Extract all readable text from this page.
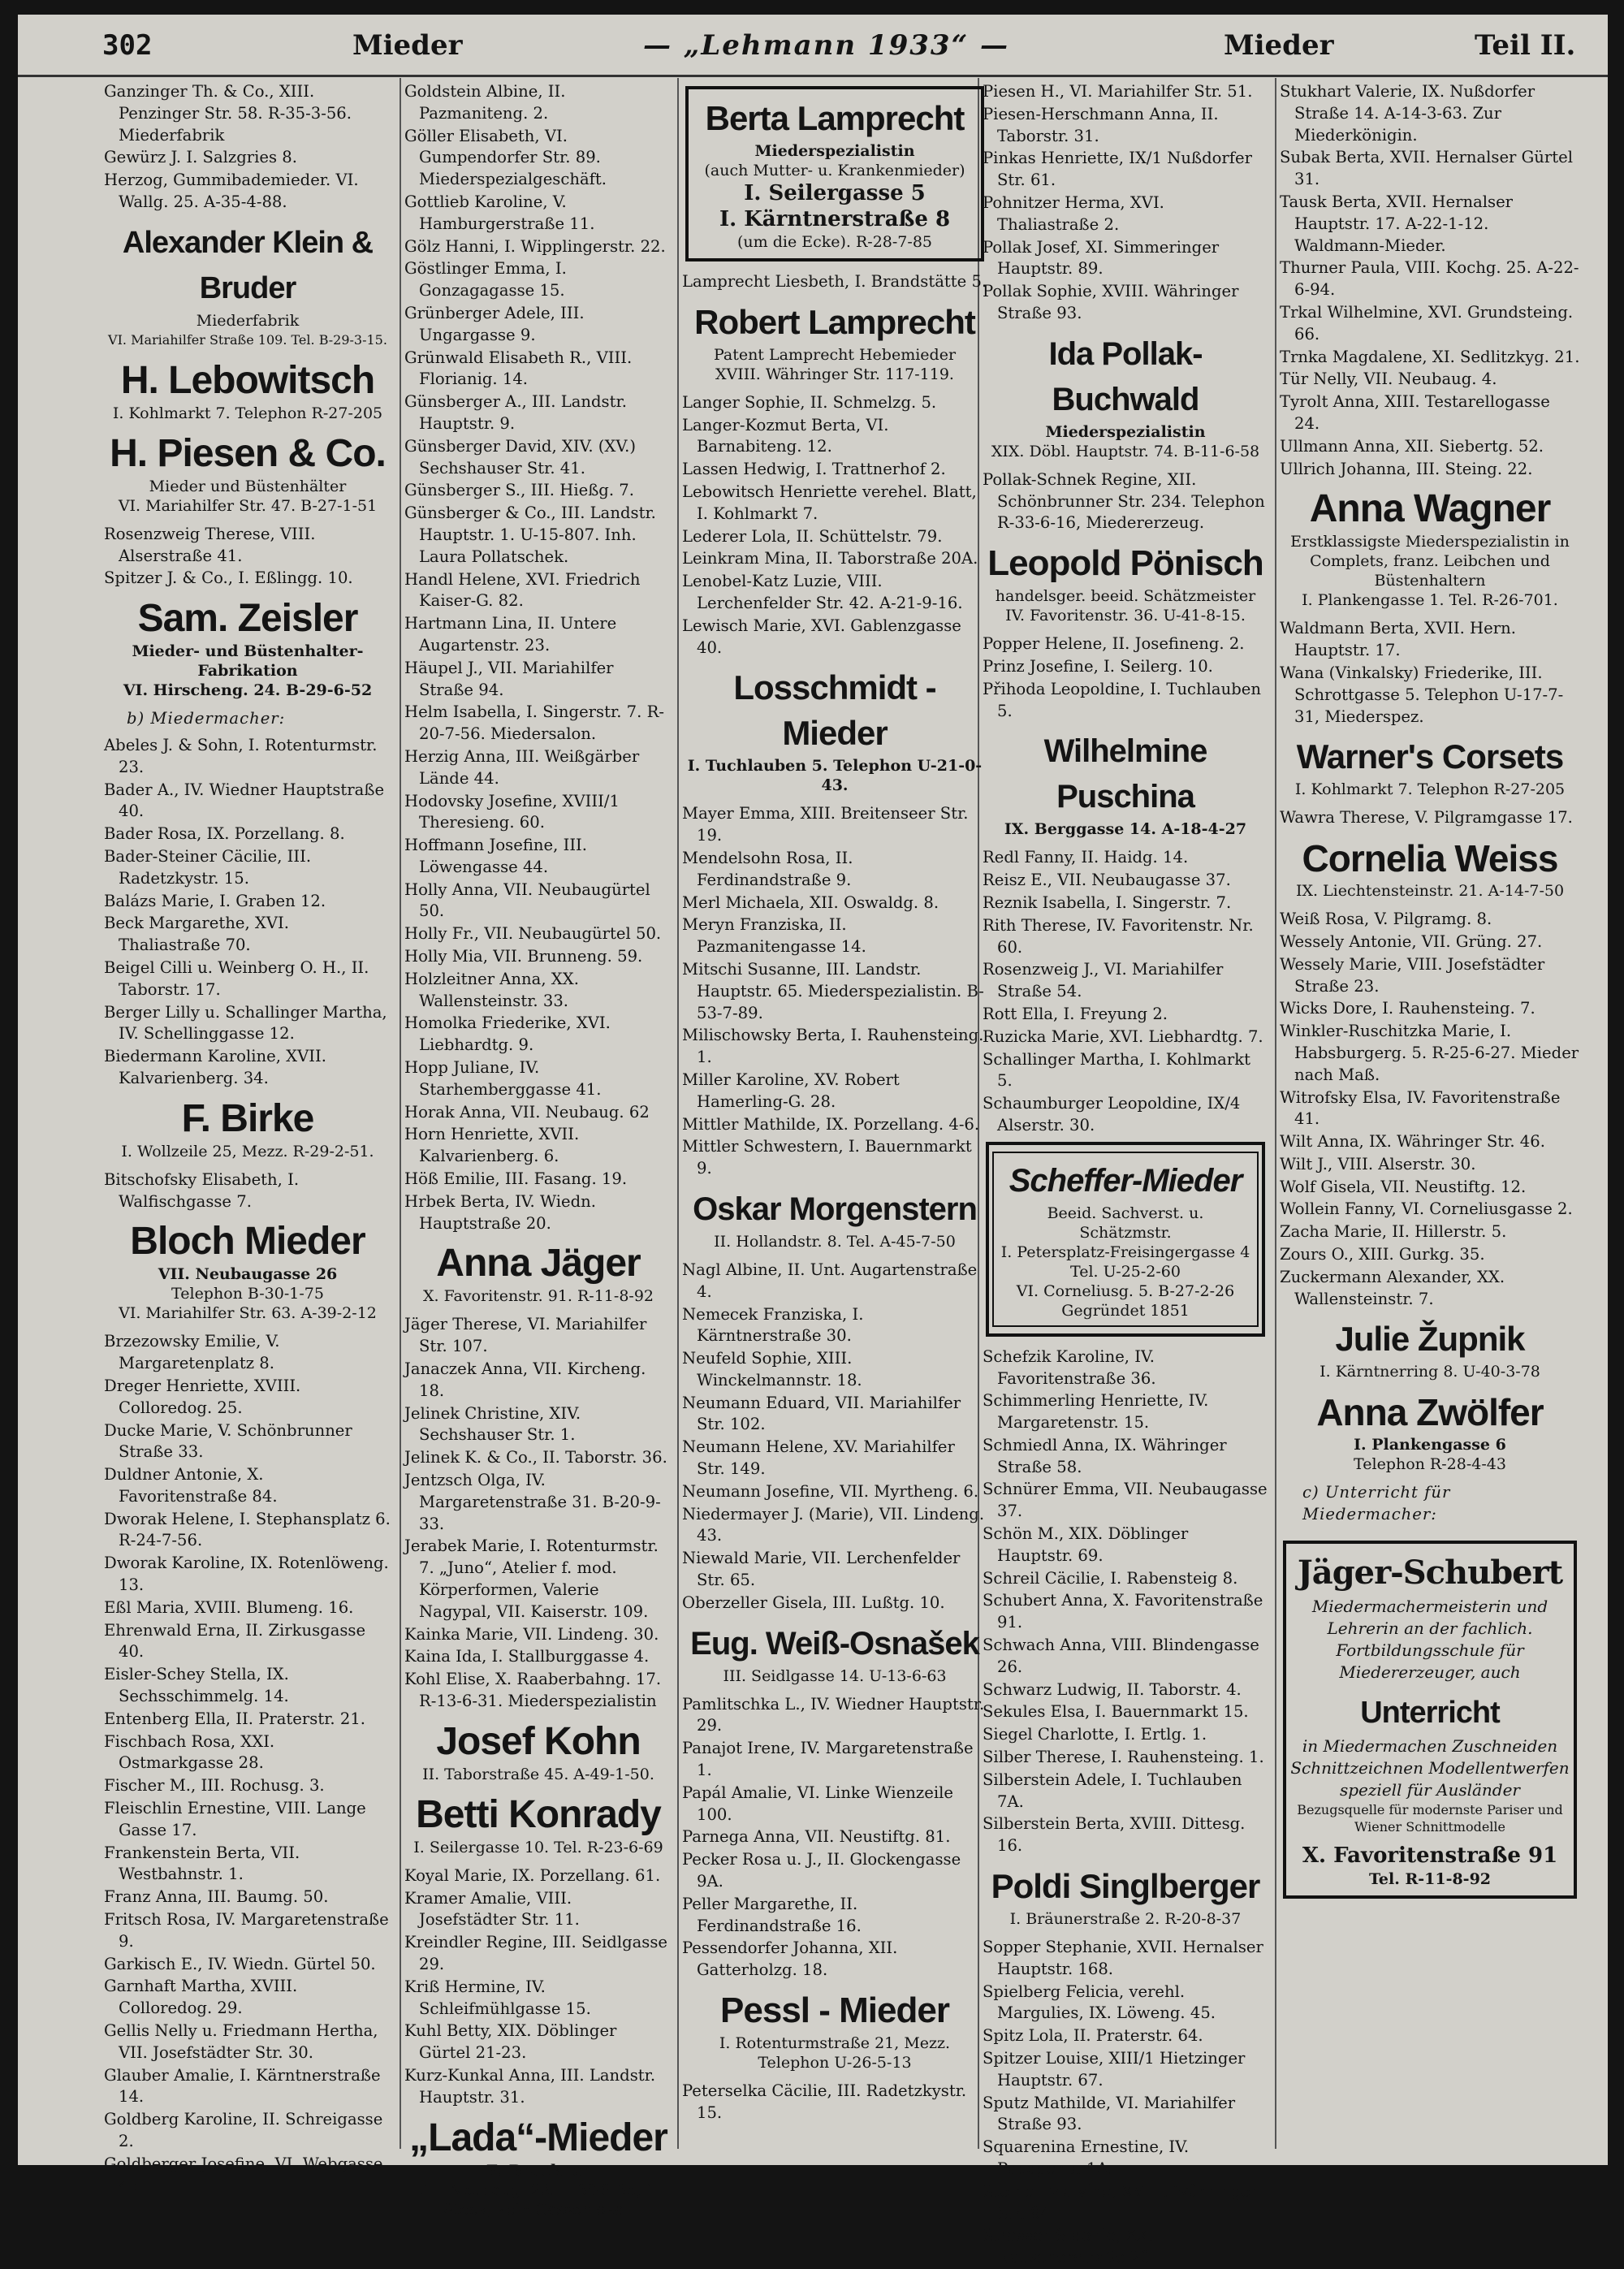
302	Mieder	— „Lehmann 1933“ —	Mieder	Teil II.
Ganzinger Th. & Co., XIII. Penzinger Str. 58. R-35-3-56. Miederfabrik
Gewürz J. I. Salzgries 8.
Herzog, Gummibademieder. VI. Wallg. 25. A-35-4-88.
Alexander Klein & Bruder
Miederfabrik
VI. Mariahilfer Straße 109. Tel. B-29-3-15.
H. Lebowitsch
I. Kohlmarkt 7. Telephon R-27-205
H. Piesen & Co.
Mieder und Büstenhälter
VI. Mariahilfer Str. 47. B-27-1-51
Rosenzweig Therese, VIII. Alserstraße 41.
Spitzer J. & Co., I. Eßlingg. 10.
Sam. Zeisler
Mieder- und Büstenhalter-Fabrikation
VI. Hirscheng. 24. B-29-6-52
b) Miedermacher:
Abeles J. & Sohn, I. Rotenturmstr. 23.
Bader A., IV. Wiedner Hauptstraße 40.
Bader Rosa, IX. Porzellang. 8.
Bader-Steiner Cäcilie, III. Radetzkystr. 15.
Balázs Marie, I. Graben 12.
Beck Margarethe, XVI. Thaliastraße 70.
Beigel Cilli u. Weinberg O. H., II. Taborstr. 17.
Berger Lilly u. Schallinger Martha, IV. Schellinggasse 12.
Biedermann Karoline, XVII. Kalvarienberg. 34.
F. Birke
I. Wollzeile 25, Mezz. R-29-2-51.
Bitschofsky Elisabeth, I. Walfischgasse 7.
Bloch Mieder
VII. Neubaugasse 26
Telephon B-30-1-75
VI. Mariahilfer Str. 63. A-39-2-12
Brzezowsky Emilie, V. Margaretenplatz 8.
Dreger Henriette, XVIII. Colloredog. 25.
Ducke Marie, V. Schönbrunner Straße 33.
Duldner Antonie, X. Favoritenstraße 84.
Dworak Helene, I. Stephansplatz 6. R-24-7-56.
Dworak Karoline, IX. Rotenlöweng. 13.
Eßl Maria, XVIII. Blumeng. 16.
Ehrenwald Erna, II. Zirkusgasse 40.
Eisler-Schey Stella, IX. Sechsschimmelg. 14.
Entenberg Ella, II. Praterstr. 21.
Fischbach Rosa, XXI. Ostmarkgasse 28.
Fischer M., III. Rochusg. 3.
Fleischlin Ernestine, VIII. Lange Gasse 17.
Frankenstein Berta, VII. Westbahnstr. 1.
Franz Anna, III. Baumg. 50.
Fritsch Rosa, IV. Margaretenstraße 9.
Garkisch E., IV. Wiedn. Gürtel 50.
Garnhaft Martha, XVIII. Colloredog. 29.
Gellis Nelly u. Friedmann Hertha, VII. Josefstädter Str. 30.
Glauber Amalie, I. Kärntnerstraße 14.
Goldberg Karoline, II. Schreigasse 2.
Goldberger Josefine, VI. Webgasse 45.
Goldstein Albine, II. Pazmaniteng. 2.
Göller Elisabeth, VI. Gumpendorfer Str. 89. Miederspezialgeschäft.
Gottlieb Karoline, V. Hamburgerstraße 11.
Gölz Hanni, I. Wipplingerstr. 22.
Göstlinger Emma, I. Gonzagagasse 15.
Grünberger Adele, III. Ungargasse 9.
Grünwald Elisabeth R., VIII. Florianig. 14.
Günsberger A., III. Landstr. Hauptstr. 9.
Günsberger David, XIV. (XV.) Sechshauser Str. 41.
Günsberger S., III. Hießg. 7.
Günsberger & Co., III. Landstr. Hauptstr. 1. U-15-807. Inh. Laura Pollatschek.
Handl Helene, XVI. Friedrich Kaiser-G. 82.
Hartmann Lina, II. Untere Augartenstr. 23.
Häupel J., VII. Mariahilfer Straße 94.
Helm Isabella, I. Singerstr. 7. R-20-7-56. Miedersalon.
Herzig Anna, III. Weißgärber Lände 44.
Hodovsky Josefine, XVIII/1 Theresieng. 60.
Hoffmann Josefine, III. Löwengasse 44.
Holly Anna, VII. Neubaugürtel 50.
Holly Fr., VII. Neubaugürtel 50.
Holly Mia, VII. Brunneng. 59.
Holzleitner Anna, XX. Wallensteinstr. 33.
Homolka Friederike, XVI. Liebhardtg. 9.
Hopp Juliane, IV. Starhemberggasse 41.
Horak Anna, VII. Neubaug. 62
Horn Henriette, XVII. Kalvarienberg. 6.
Höß Emilie, III. Fasang. 19.
Hrbek Berta, IV. Wiedn. Hauptstraße 20.
Anna Jäger
X. Favoritenstr. 91. R-11-8-92
Jäger Therese, VI. Mariahilfer Str. 107.
Janaczek Anna, VII. Kircheng. 18.
Jelinek Christine, XIV. Sechshauser Str. 1.
Jelinek K. & Co., II. Taborstr. 36.
Jentzsch Olga, IV. Margaretenstraße 31. B-20-9-33.
Jerabek Marie, I. Rotenturmstr. 7. „Juno“, Atelier f. mod. Körperformen, Valerie Nagypal, VII. Kaiserstr. 109.
Kainka Marie, VII. Lindeng. 30.
Kaina Ida, I. Stallburggasse 4.
Kohl Elise, X. Raaberbahng. 17. R-13-6-31. Miederspezialistin
Josef Kohn
II. Taborstraße 45. A-49-1-50.
Betti Konrady
I. Seilergasse 10. Tel. R-23-6-69
Koyal Marie, IX. Porzellang. 61.
Kramer Amalie, VIII. Josefstädter Str. 11.
Kreindler Regine, III. Seidlgasse 29.
Kriß Hermine, IV. Schleifmühlgasse 15.
Kuhl Betty, XIX. Döblinger Gürtel 21-23.
Kurz-Kunkal Anna, III. Landstr. Hauptstr. 31.
„Lada“-Mieder
E. Bruckner
VII. Neubaug. 28. B-30-8-35, 1. Stock, kein Gassenlokal.
Berta Lamprecht
Miederspezialistin
(auch Mutter- u. Krankenmieder)
I. Seilergasse 5
I. Kärntnerstraße 8
(um die Ecke). R-28-7-85
Lamprecht Liesbeth, I. Brandstätte 5.
Robert Lamprecht
Patent Lamprecht Hebemieder
XVIII. Währinger Str. 117-119.
Langer Sophie, II. Schmelzg. 5.
Langer-Kozmut Berta, VI. Barnabiteng. 12.
Lassen Hedwig, I. Trattnerhof 2.
Lebowitsch Henriette verehel. Blatt, I. Kohlmarkt 7.
Lederer Lola, II. Schüttelstr. 79.
Leinkram Mina, II. Taborstraße 20A.
Lenobel-Katz Luzie, VIII. Lerchenfelder Str. 42. A-21-9-16.
Lewisch Marie, XVI. Gablenzgasse 40.
Losschmidt - Mieder
I. Tuchlauben 5. Telephon U-21-0-43.
Mayer Emma, XIII. Breitenseer Str. 19.
Mendelsohn Rosa, II. Ferdinandstraße 9.
Merl Michaela, XII. Oswaldg. 8.
Meryn Franziska, II. Pazmanitengasse 14.
Mitschi Susanne, III. Landstr. Hauptstr. 65. Miederspezialistin. B-53-7-89.
Milischowsky Berta, I. Rauhensteing. 1.
Miller Karoline, XV. Robert Hamerling-G. 28.
Mittler Mathilde, IX. Porzellang. 4-6.
Mittler Schwestern, I. Bauernmarkt 9.
Oskar Morgenstern
II. Hollandstr. 8. Tel. A-45-7-50
Nagl Albine, II. Unt. Augartenstraße 4.
Nemecek Franziska, I. Kärntnerstraße 30.
Neufeld Sophie, XIII. Winckelmannstr. 18.
Neumann Eduard, VII. Mariahilfer Str. 102.
Neumann Helene, XV. Mariahilfer Str. 149.
Neumann Josefine, VII. Myrtheng. 6.
Niedermayer J. (Marie), VII. Lindeng. 43.
Niewald Marie, VII. Lerchenfelder Str. 65.
Oberzeller Gisela, III. Lußtg. 10.
Eug. Weiß-Osnašek
III. Seidlgasse 14. U-13-6-63
Pamlitschka L., IV. Wiedner Hauptstr. 29.
Panajot Irene, IV. Margaretenstraße 1.
Papál Amalie, VI. Linke Wienzeile 100.
Parnega Anna, VII. Neustiftg. 81.
Pecker Rosa u. J., II. Glockengasse 9A.
Peller Margarethe, II. Ferdinandstraße 16.
Pessendorfer Johanna, XII. Gatterholzg. 18.
Pessl - Mieder
I. Rotenturmstraße 21, Mezz.
Telephon U-26-5-13
Peterselka Cäcilie, III. Radetzkystr. 15.
Piesen H., VI. Mariahilfer Str. 51.
Piesen-Herschmann Anna, II. Taborstr. 31.
Pinkas Henriette, IX/1 Nußdorfer Str. 61.
Pohnitzer Herma, XVI. Thaliastraße 2.
Pollak Josef, XI. Simmeringer Hauptstr. 89.
Pollak Sophie, XVIII. Währinger Straße 93.
Ida Pollak-Buchwald
Miederspezialistin
XIX. Döbl. Hauptstr. 74. B-11-6-58
Pollak-Schnek Regine, XII. Schönbrunner Str. 234. Telephon R-33-6-16, Miedererzeug.
Leopold Pönisch
handelsger. beeid. Schätzmeister
IV. Favoritenstr. 36. U-41-8-15.
Popper Helene, II. Josefineng. 2.
Prinz Josefine, I. Seilerg. 10.
Přihoda Leopoldine, I. Tuchlauben 5.
Wilhelmine Puschina
IX. Berggasse 14. A-18-4-27
Redl Fanny, II. Haidg. 14.
Reisz E., VII. Neubaugasse 37.
Reznik Isabella, I. Singerstr. 7.
Rith Therese, IV. Favoritenstr. Nr. 60.
Rosenzweig J., VI. Mariahilfer Straße 54.
Rott Ella, I. Freyung 2.
Ruzicka Marie, XVI. Liebhardtg. 7.
Schallinger Martha, I. Kohlmarkt 5.
Schaumburger Leopoldine, IX/4 Alserstr. 30.
Scheffer-Mieder
Beeid. Sachverst. u. Schätzmstr.
I. Petersplatz-Freisingergasse 4
Tel. U-25-2-60
VI. Corneliusg. 5. B-27-2-26
Gegründet 1851
Schefzik Karoline, IV. Favoritenstraße 36.
Schimmerling Henriette, IV. Margaretenstr. 15.
Schmiedl Anna, IX. Währinger Straße 58.
Schnürer Emma, VII. Neubaugasse 37.
Schön M., XIX. Döblinger Hauptstr. 69.
Schreil Cäcilie, I. Rabensteig 8.
Schubert Anna, X. Favoritenstraße 91.
Schwach Anna, VIII. Blindengasse 26.
Schwarz Ludwig, II. Taborstr. 4.
Sekules Elsa, I. Bauernmarkt 15.
Siegel Charlotte, I. Ertlg. 1.
Silber Therese, I. Rauhensteing. 1.
Silberstein Adele, I. Tuchlauben 7A.
Silberstein Berta, XVIII. Dittesg. 16.
Poldi Singlberger
I. Bräunerstraße 2. R-20-8-37
Sopper Stephanie, XVII. Hernalser Hauptstr. 168.
Spielberg Felicia, verehl. Margulies, IX. Löweng. 45.
Spitz Lola, II. Praterstr. 64.
Spitzer Louise, XIII/1 Hietzinger Hauptstr. 67.
Sputz Mathilde, VI. Mariahilfer Straße 93.
Squarenina Ernestine, IV. Papageng. 1A.
Steiner Malvine, XVIII. Währinger Str. 94.
Strasser Sidonie, XX. Rauscherstraße 29.
Stukhart Valerie, IX. Nußdorfer Straße 14. A-14-3-63. Zur Miederkönigin.
Subak Berta, XVII. Hernalser Gürtel 31.
Tausk Berta, XVII. Hernalser Hauptstr. 17. A-22-1-12. Waldmann-Mieder.
Thurner Paula, VIII. Kochg. 25. A-22-6-94.
Trkal Wilhelmine, XVI. Grundsteing. 66.
Trnka Magdalene, XI. Sedlitzkyg. 21.
Tür Nelly, VII. Neubaug. 4.
Tyrolt Anna, XIII. Testarellogasse 24.
Ullmann Anna, XII. Siebertg. 52.
Ullrich Johanna, III. Steing. 22.
Anna Wagner
Erstklassigste Miederspezialistin in Complets, franz. Leibchen und Büstenhaltern
I. Plankengasse 1. Tel. R-26-701.
Waldmann Berta, XVII. Hern. Hauptstr. 17.
Wana (Vinkalsky) Friederike, III. Schrottgasse 5. Telephon U-17-7-31, Miederspez.
Warner's Corsets
I. Kohlmarkt 7. Telephon R-27-205
Wawra Therese, V. Pilgramgasse 17.
Cornelia Weiss
IX. Liechtensteinstr. 21. A-14-7-50
Weiß Rosa, V. Pilgramg. 8.
Wessely Antonie, VII. Grüng. 27.
Wessely Marie, VIII. Josefstädter Straße 23.
Wicks Dore, I. Rauhensteing. 7.
Winkler-Ruschitzka Marie, I. Habsburgerg. 5. R-25-6-27. Mieder nach Maß.
Witrofsky Elsa, IV. Favoritenstraße 41.
Wilt Anna, IX. Währinger Str. 46.
Wilt J., VIII. Alserstr. 30.
Wolf Gisela, VII. Neustiftg. 12.
Wollein Fanny, VI. Corneliusgasse 2.
Zacha Marie, II. Hillerstr. 5.
Zours O., XIII. Gurkg. 35.
Zuckermann Alexander, XX. Wallensteinstr. 7.
Julie Župnik
I. Kärntnerring 8. U-40-3-78
Anna Zwölfer
I. Plankengasse 6
Telephon R-28-4-43
c) Unterricht für Miedermacher:
Jäger-Schubert
Miedermachermeisterin und Lehrerin an der fachlich. Fortbildungsschule für Miedererzeuger, auch
Unterricht
in Miedermachen Zuschneiden Schnittzeichnen Modellentwerfen speziell für Ausländer
Bezugsquelle für modernste Pariser und Wiener Schnittmodelle
X. Favoritenstraße 91
Tel. R-11-8-92
